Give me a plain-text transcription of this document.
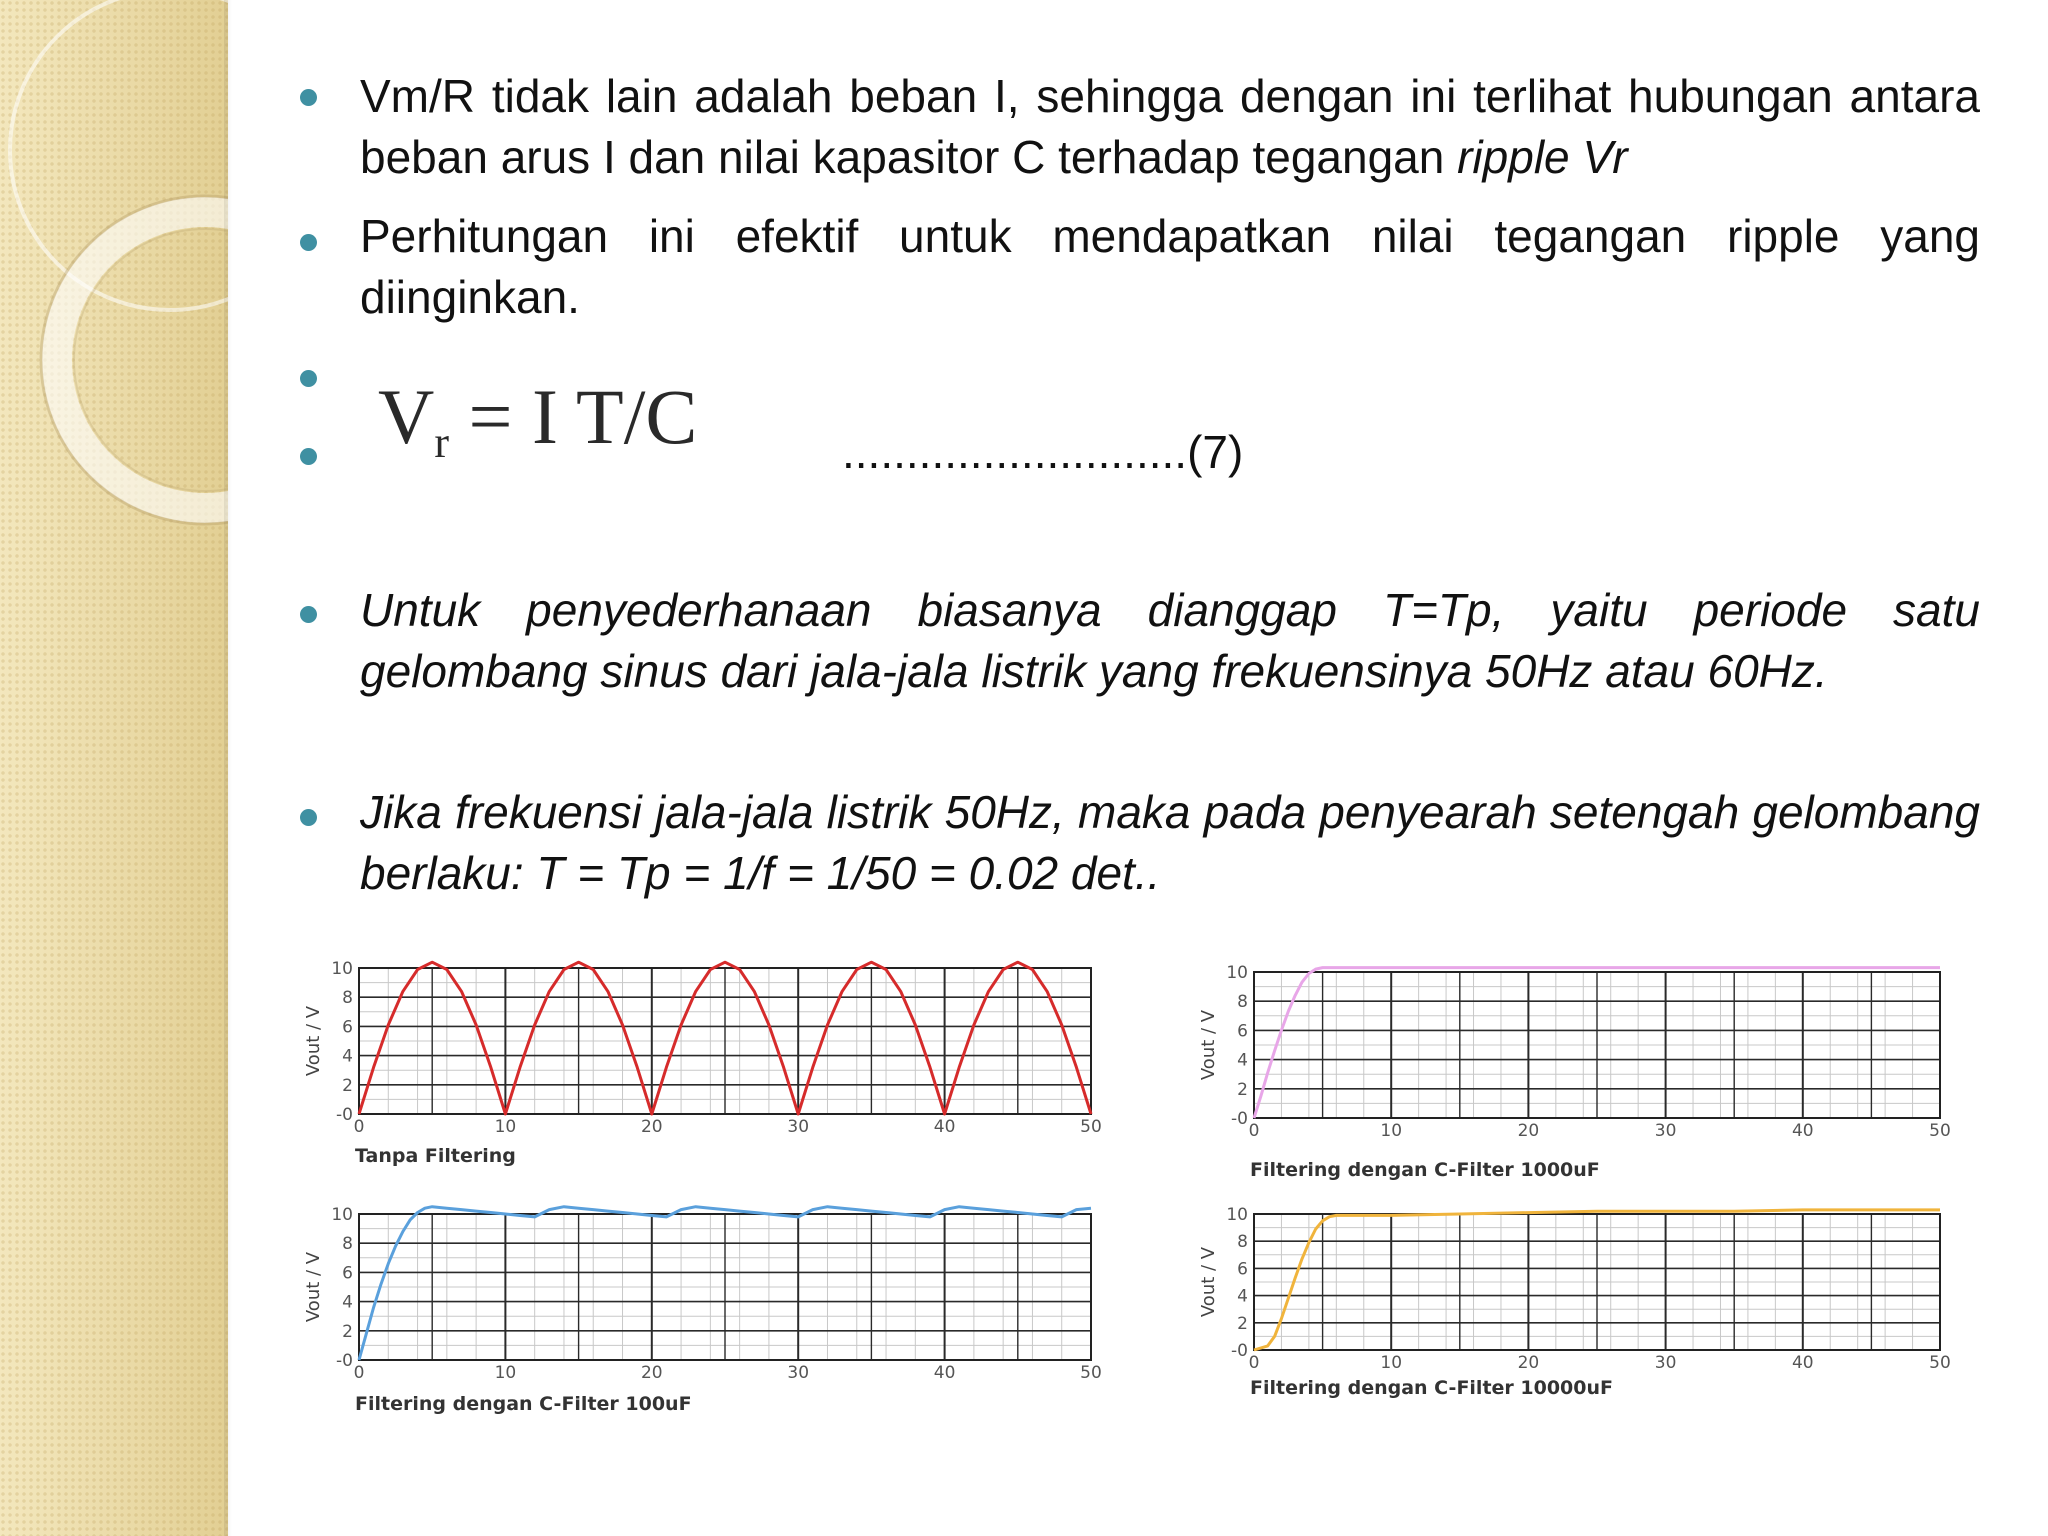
Vm/R tidak lain adalah beban I, sehingga dengan ini terlihat hubungan antara beban arus I dan nilai kapasitor C terhadap tegangan ripple Vr
Perhitungan ini efektif untuk mendapatkan nilai tegangan ripple yang diinginkan.
$V_r = I$ T/C	...........................(7)
Untuk penyederhanaan biasanya dianggap T=Tp, yaitu periode satu gelombang sinus dari jala-jala listrik yang frekuensinya 50Hz atau 60Hz.
Jika frekuensi jala-jala listrik 50Hz, maka pada penyearah setengah gelombang berlaku: T = Tp = 1/f = 1/50 = 0.02 det..
-0
2
4
6
8
10
0	10	20	30	40	50
Vout / V
Tanpa Filtering
-0
2
4
6
8
10
0	10	20	30	40	50
Vout / V
Filtering dengan C-Filter 1000uF
-0
2
4
6
8
10
0	10	20	30	40	50
Vout / V
Filtering dengan C-Filter 100uF
-0
2
4
6
8
10
0	10	20	30	40	50
Vout / V
Filtering dengan C-Filter 10000uF
